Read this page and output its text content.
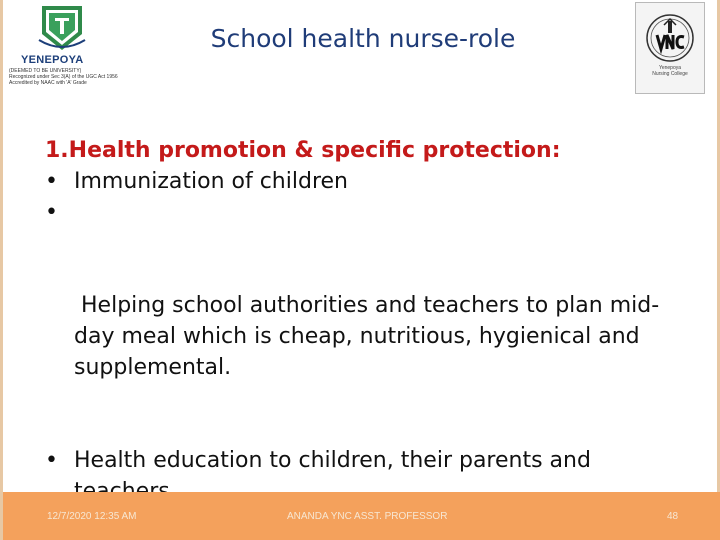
YENEPOYA
(DEEMED TO BE UNIVERSITY)
Recognized under Sec 3(A) of the UGC Act 1956
Accredited by NAAC with 'A' Grade
Yenepoya
Nursing College
School health nurse-role

1.Health promotion & specific protection:

• Immunization of children

•

Helping school authorities and teachers to plan mid-day meal which is cheap, nutritious, hygienical and supplemental.

• Health education to children, their parents and

12/7/2020 12:35 AM	ANANDA YNC ASST. PROFESSOR	48
